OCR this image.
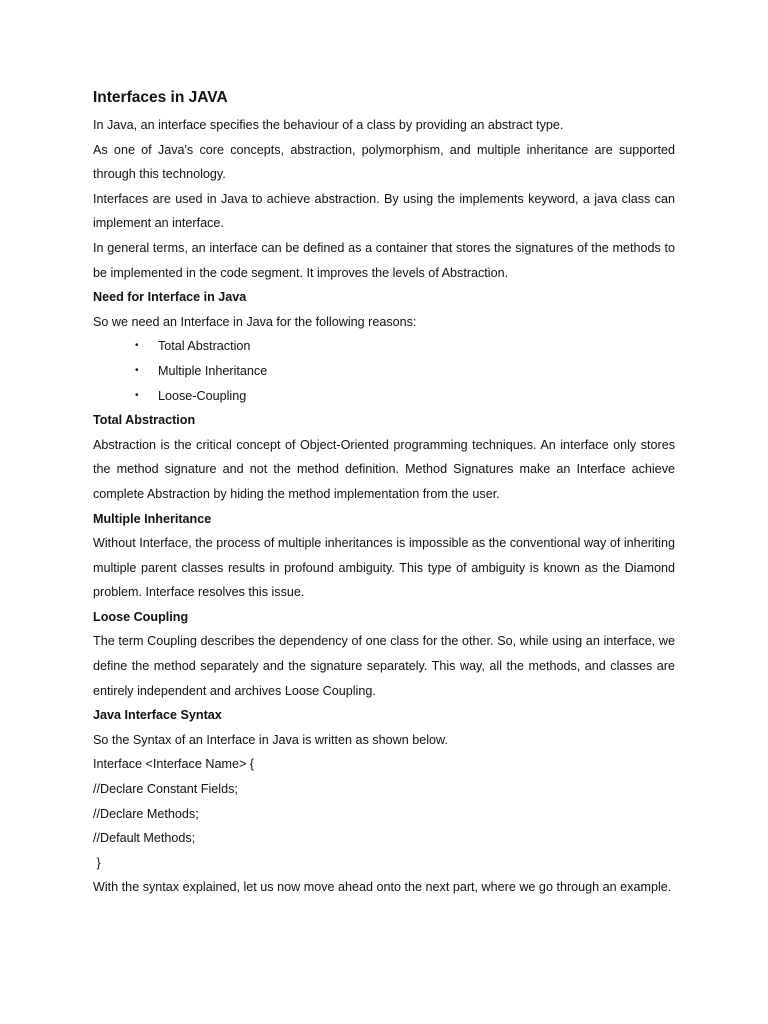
Interfaces in JAVA

In Java, an interface specifies the behaviour of a class by providing an abstract type.

As one of Java's core concepts, abstraction, polymorphism, and multiple inheritance are supported through this technology.

Interfaces are used in Java to achieve abstraction. By using the implements keyword, a java class can implement an interface.

In general terms, an interface can be defined as a container that stores the signatures of the methods to be implemented in the code segment. It improves the levels of Abstraction.

Need for Interface in Java

So we need an Interface in Java for the following reasons:

• Total Abstraction
• Multiple Inheritance
• Loose-Coupling
Total Abstraction

Abstraction is the critical concept of Object-Oriented programming techniques. An interface only stores the method signature and not the method definition. Method Signatures make an Interface achieve complete Abstraction by hiding the method implementation from the user.

Multiple Inheritance

Without Interface, the process of multiple inheritances is impossible as the conventional way of inheriting multiple parent classes results in profound ambiguity. This type of ambiguity is known as the Diamond problem. Interface resolves this issue.

Loose Coupling

The term Coupling describes the dependency of one class for the other. So, while using an interface, we define the method separately and the signature separately. This way, all the methods, and classes are entirely independent and archives Loose Coupling.

Java Interface Syntax

So the Syntax of an Interface in Java is written as shown below.

Interface <Interface Name> {
//Declare Constant Fields;
//Declare Methods;
//Default Methods;
}

With the syntax explained, let us now move ahead onto the next part, where we go through an example.
